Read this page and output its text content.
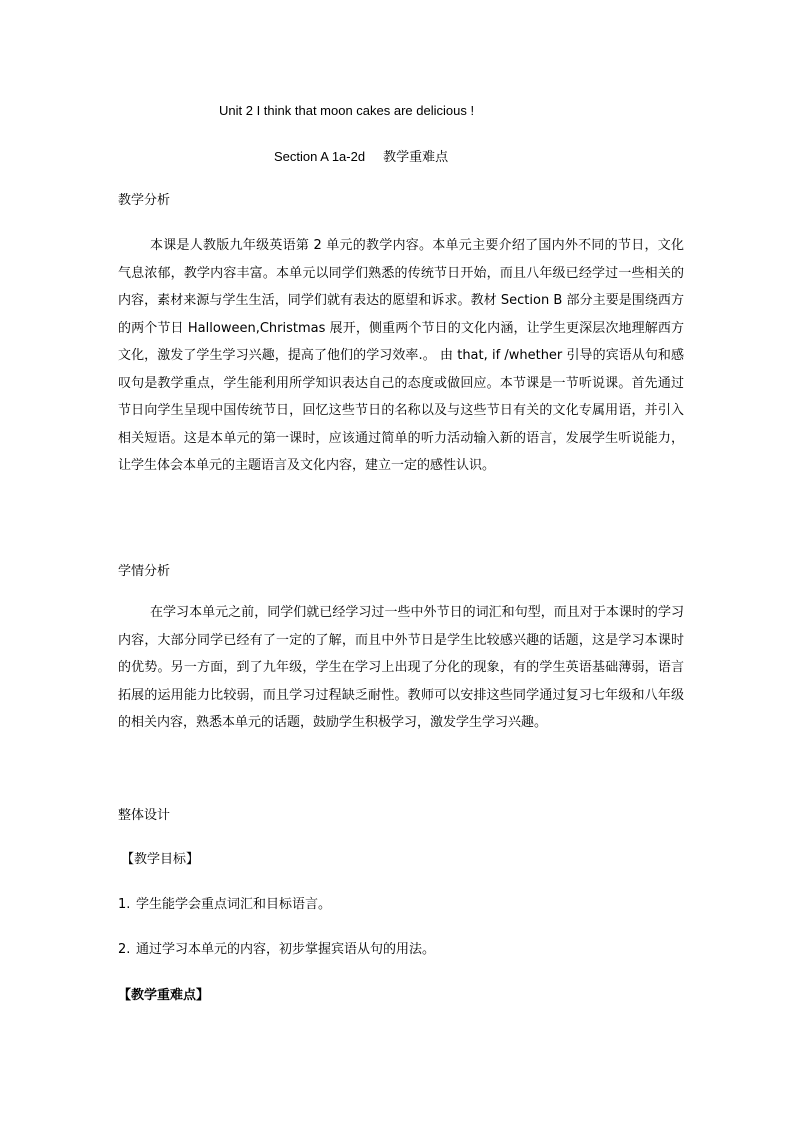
Unit 2 I think that moon cakes are delicious !
Section A 1a-2d 教学重难点
教学分析

本课是人教版九年级英语第 2 单元的教学内容。本单元主要介绍了国内外不同的节日，文化气息浓郁，教学内容丰富。本单元以同学们熟悉的传统节日开始，而且八年级已经学过一些相关的内容，素材来源与学生生活，同学们就有表达的愿望和诉求。教材 Section B 部分主要是围绕西方的两个节日 Halloween,Christmas 展开，侧重两个节日的文化内涵，让学生更深层次地理解西方文化，激发了学生学习兴趣，提高了他们的学习效率.。 由 that, if /whether 引导的宾语从句和感叹句是教学重点，学生能利用所学知识表达自己的态度或做回应。本节课是一节听说课。首先通过节日向学生呈现中国传统节日，回忆这些节日的名称以及与这些节日有关的文化专属用语，并引入相关短语。这是本单元的第一课时，应该通过简单的听力活动输入新的语言，发展学生听说能力，让学生体会本单元的主题语言及文化内容，建立一定的感性认识。

学情分析

在学习本单元之前，同学们就已经学习过一些中外节日的词汇和句型，而且对于本课时的学习内容，大部分同学已经有了一定的了解，而且中外节日是学生比较感兴趣的话题，这是学习本课时的优势。另一方面，到了九年级，学生在学习上出现了分化的现象，有的学生英语基础薄弱，语言拓展的运用能力比较弱，而且学习过程缺乏耐性。教师可以安排这些同学通过复习七年级和八年级的相关内容，熟悉本单元的话题，鼓励学生积极学习，激发学生学习兴趣。

整体设计
【教学目标】
1. 学生能学会重点词汇和目标语言。
2. 通过学习本单元的内容，初步掌握宾语从句的用法。
【教学重难点】
